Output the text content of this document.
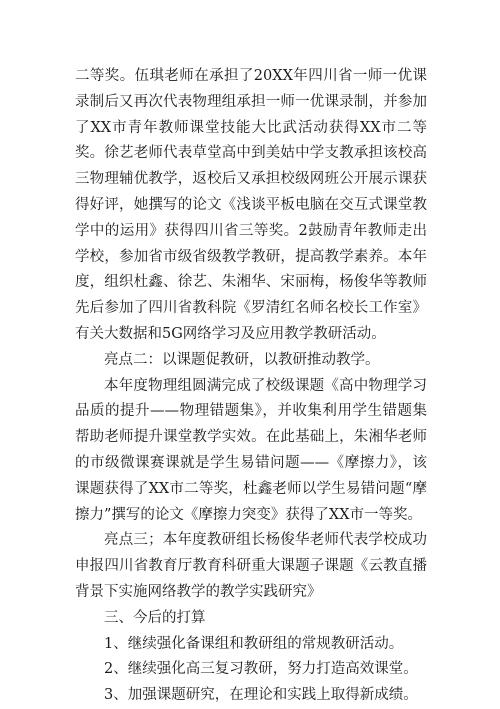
二等奖。伍琪老师在承担了20XX年四川省一师一优课录制后又再次代表物理组承担一师一优课录制，并参加了XX市青年教师课堂技能大比武活动获得XX市二等奖。徐艺老师代表草堂高中到美姑中学支教承担该校高三物理辅优教学，返校后又承担校级网班公开展示课获得好评，她撰写的论文《浅谈平板电脑在交互式课堂教学中的运用》获得四川省三等奖。2鼓励青年教师走出学校，参加省市级省级教学教研，提高教学素养。本年度，组织杜鑫、徐艺、朱湘华、宋丽梅，杨俊华等教师先后参加了四川省教科院《罗清红名师名校长工作室》有关大数据和5G网络学习及应用教学教研活动。

亮点二：以课题促教研，以教研推动教学。

本年度物理组圆满完成了校级课题《高中物理学习品质的提升——物理错题集》，并收集利用学生错题集帮助老师提升课堂教学实效。在此基础上，朱湘华老师的市级微课赛课就是学生易错问题——《摩擦力》，该课题获得了XX市二等奖，杜鑫老师以学生易错问题“摩擦力”撰写的论文《摩擦力突变》获得了XX市一等奖。

亮点三；本年度教研组长杨俊华老师代表学校成功申报四川省教育厅教育科研重大课题子课题《云教直播背景下实施网络教学的教学实践研究》

三、今后的打算

1、继续强化备课组和教研组的常规教研活动。

2、继续强化高三复习教研，努力打造高效课堂。

3、加强课题研究，在理论和实践上取得新成绩。
